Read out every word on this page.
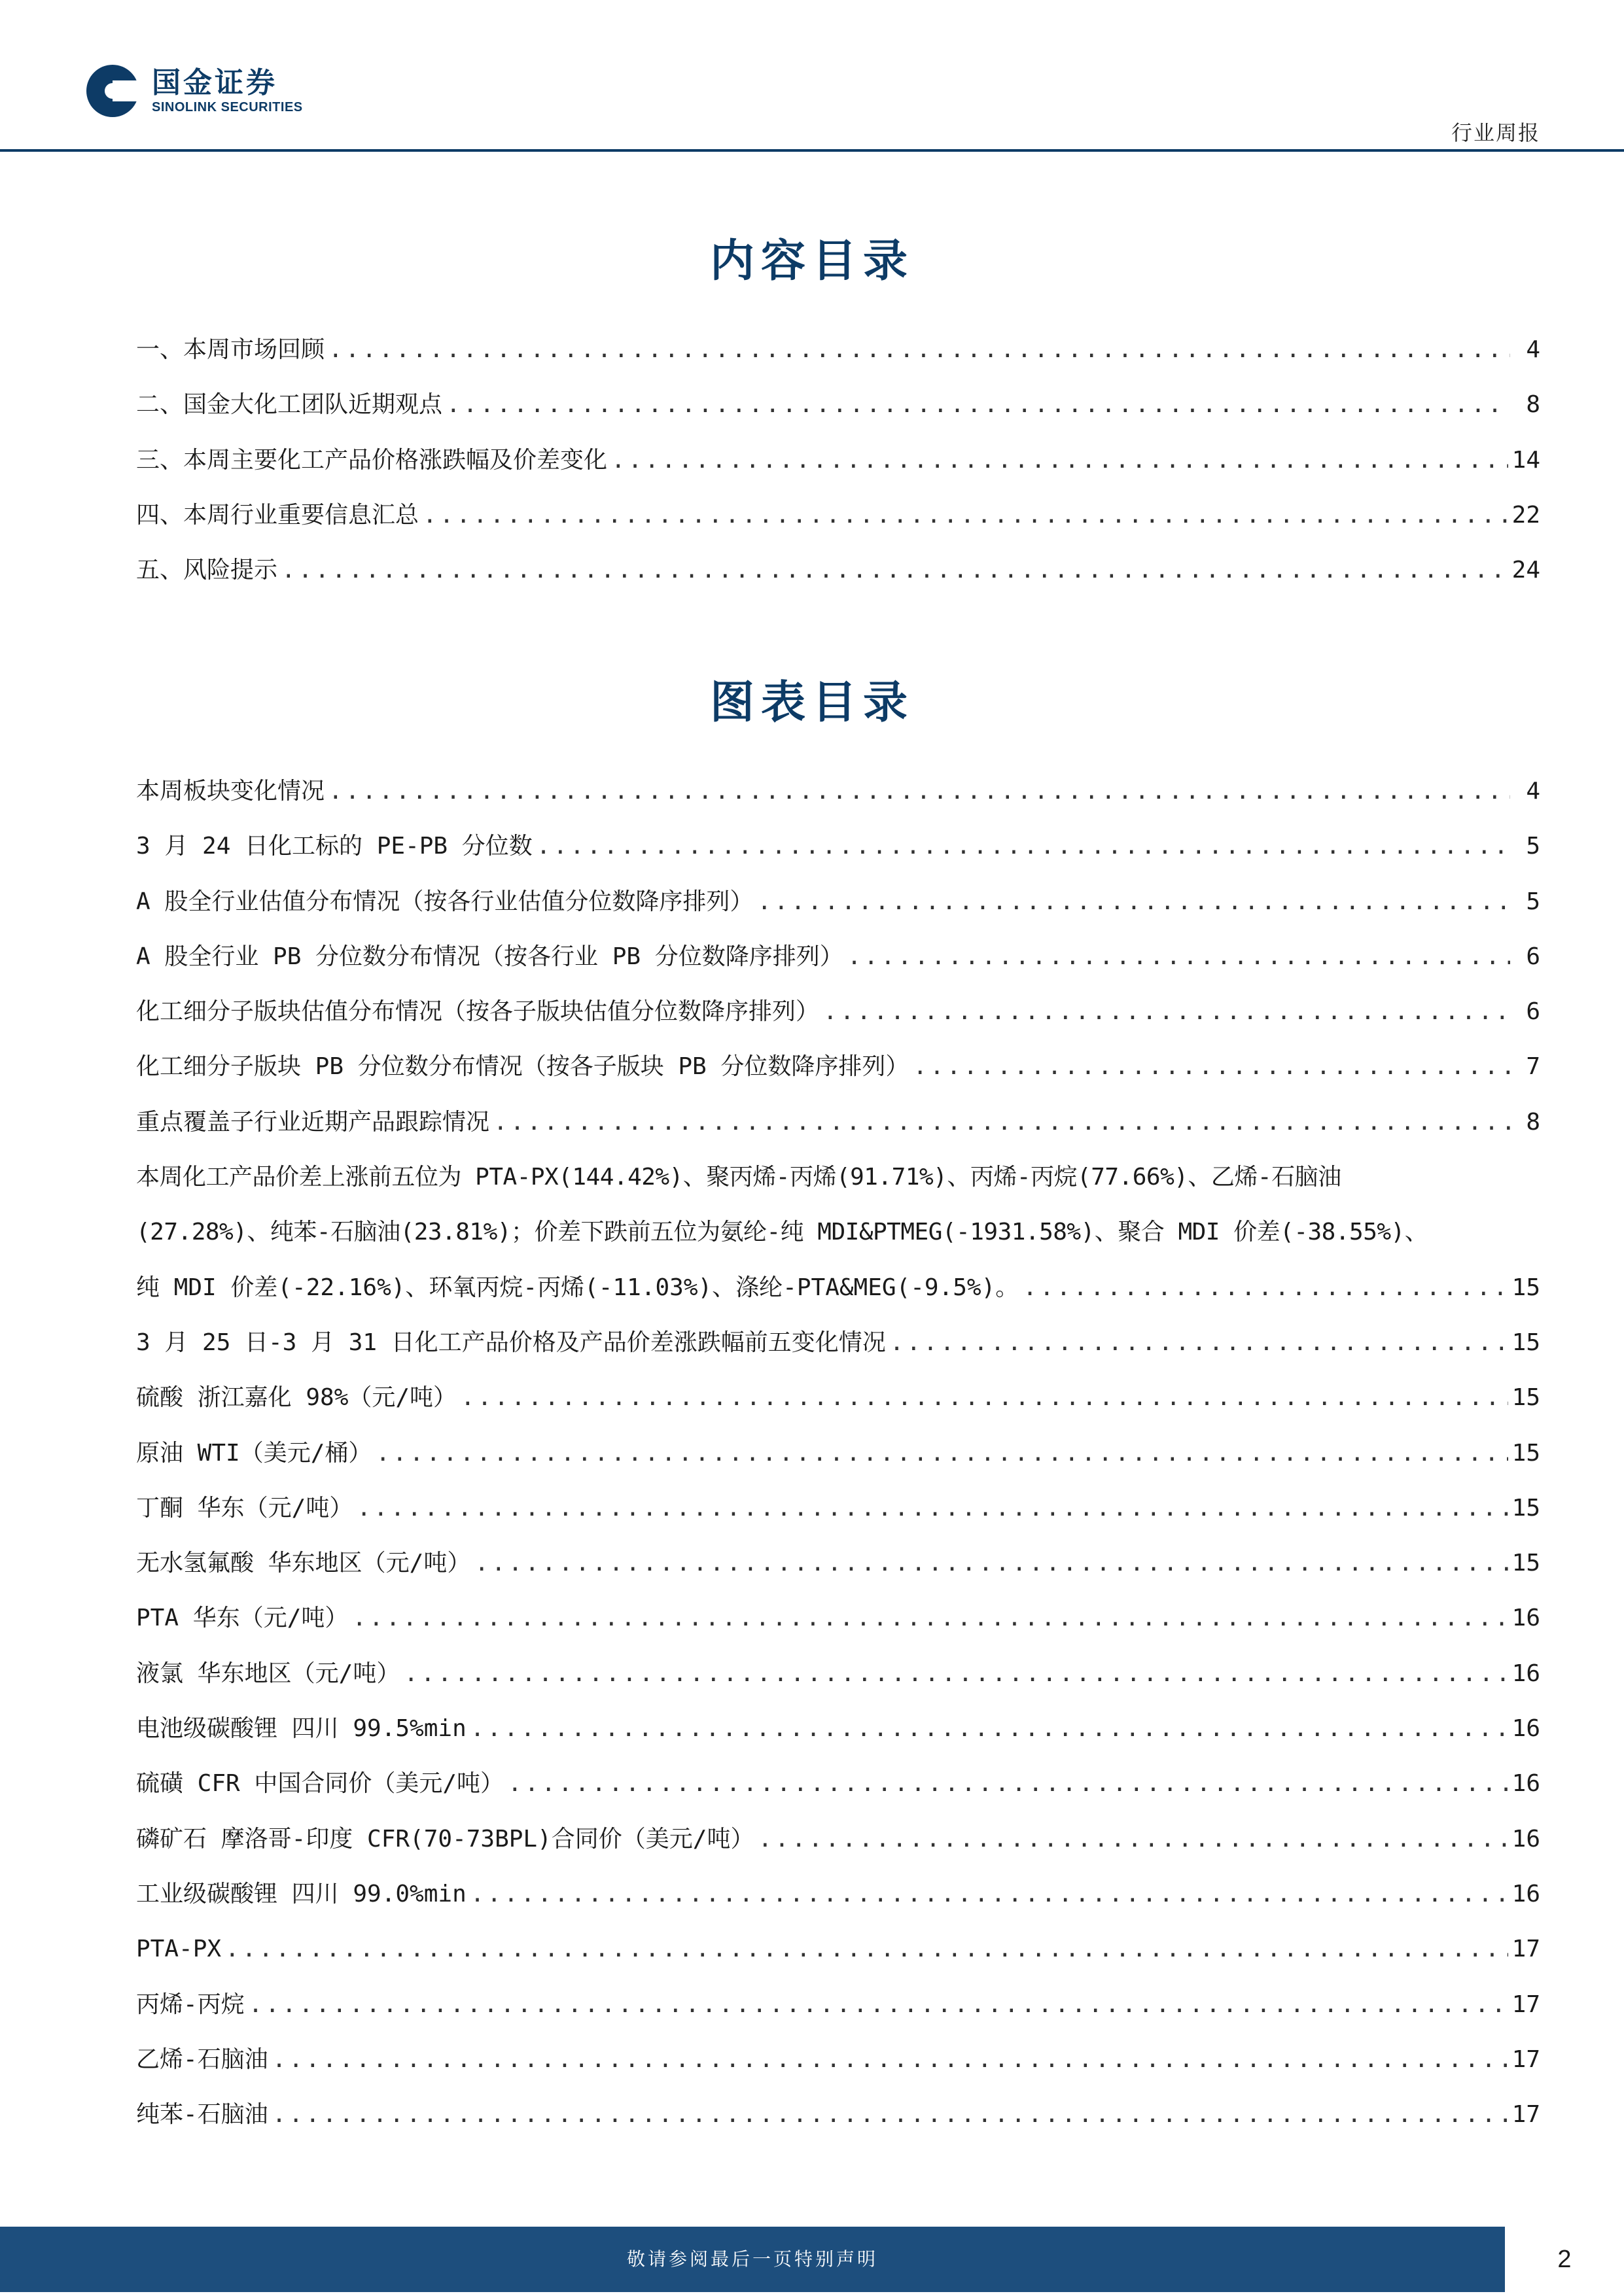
国金证券
SINOLINK SECURITIES
行业周报
内容目录
一、本周市场回顾 .....	4
二、国金大化工团队近期观点 .....	8
三、本周主要化工产品价格涨跌幅及价差变化 .....	14
四、本周行业重要信息汇总 .....	22
五、风险提示 .....	24
图表目录
本周板块变化情况 .....	4
3 月 24 日化工标的 PE-PB 分位数 .....	5
A 股全行业估值分布情况（按各行业估值分位数降序排列） .....	5
A 股全行业 PB 分位数分布情况（按各行业 PB 分位数降序排列） .....	6
化工细分子版块估值分布情况（按各子版块估值分位数降序排列） .....	6
化工细分子版块 PB 分位数分布情况（按各子版块 PB 分位数降序排列） .....	7
重点覆盖子行业近期产品跟踪情况 .....	8
本周化工产品价差上涨前五位为 PTA-PX(144.42%)、聚丙烯-丙烯(91.71%)、丙烯-丙烷(77.66%)、乙烯-石脑油
(27.28%)、纯苯-石脑油(23.81%)；价差下跌前五位为氨纶-纯 MDI&PTMEG(-1931.58%)、聚合 MDI 价差(-38.55%)、
纯 MDI 价差(-22.16%)、环氧丙烷-丙烯(-11.03%)、涤纶-PTA&MEG(-9.5%)。 .....	15
3 月 25 日-3 月 31 日化工产品价格及产品价差涨跌幅前五变化情况 .....	15
硫酸 浙江嘉化 98%（元/吨） .....	15
原油 WTI（美元/桶） .....	15
丁酮 华东（元/吨） .....	15
无水氢氟酸 华东地区（元/吨） .....	15
PTA 华东（元/吨） .....	16
液氯 华东地区（元/吨） .....	16
电池级碳酸锂 四川 99.5%min .....	16
硫磺 CFR 中国合同价（美元/吨） .....	16
磷矿石 摩洛哥-印度 CFR(70-73BPL)合同价（美元/吨） .....	16
工业级碳酸锂 四川 99.0%min .....	16
PTA-PX .....	17
丙烯-丙烷 .....	17
乙烯-石脑油 .....	17
纯苯-石脑油 .....	17
敬请参阅最后一页特别声明	2
